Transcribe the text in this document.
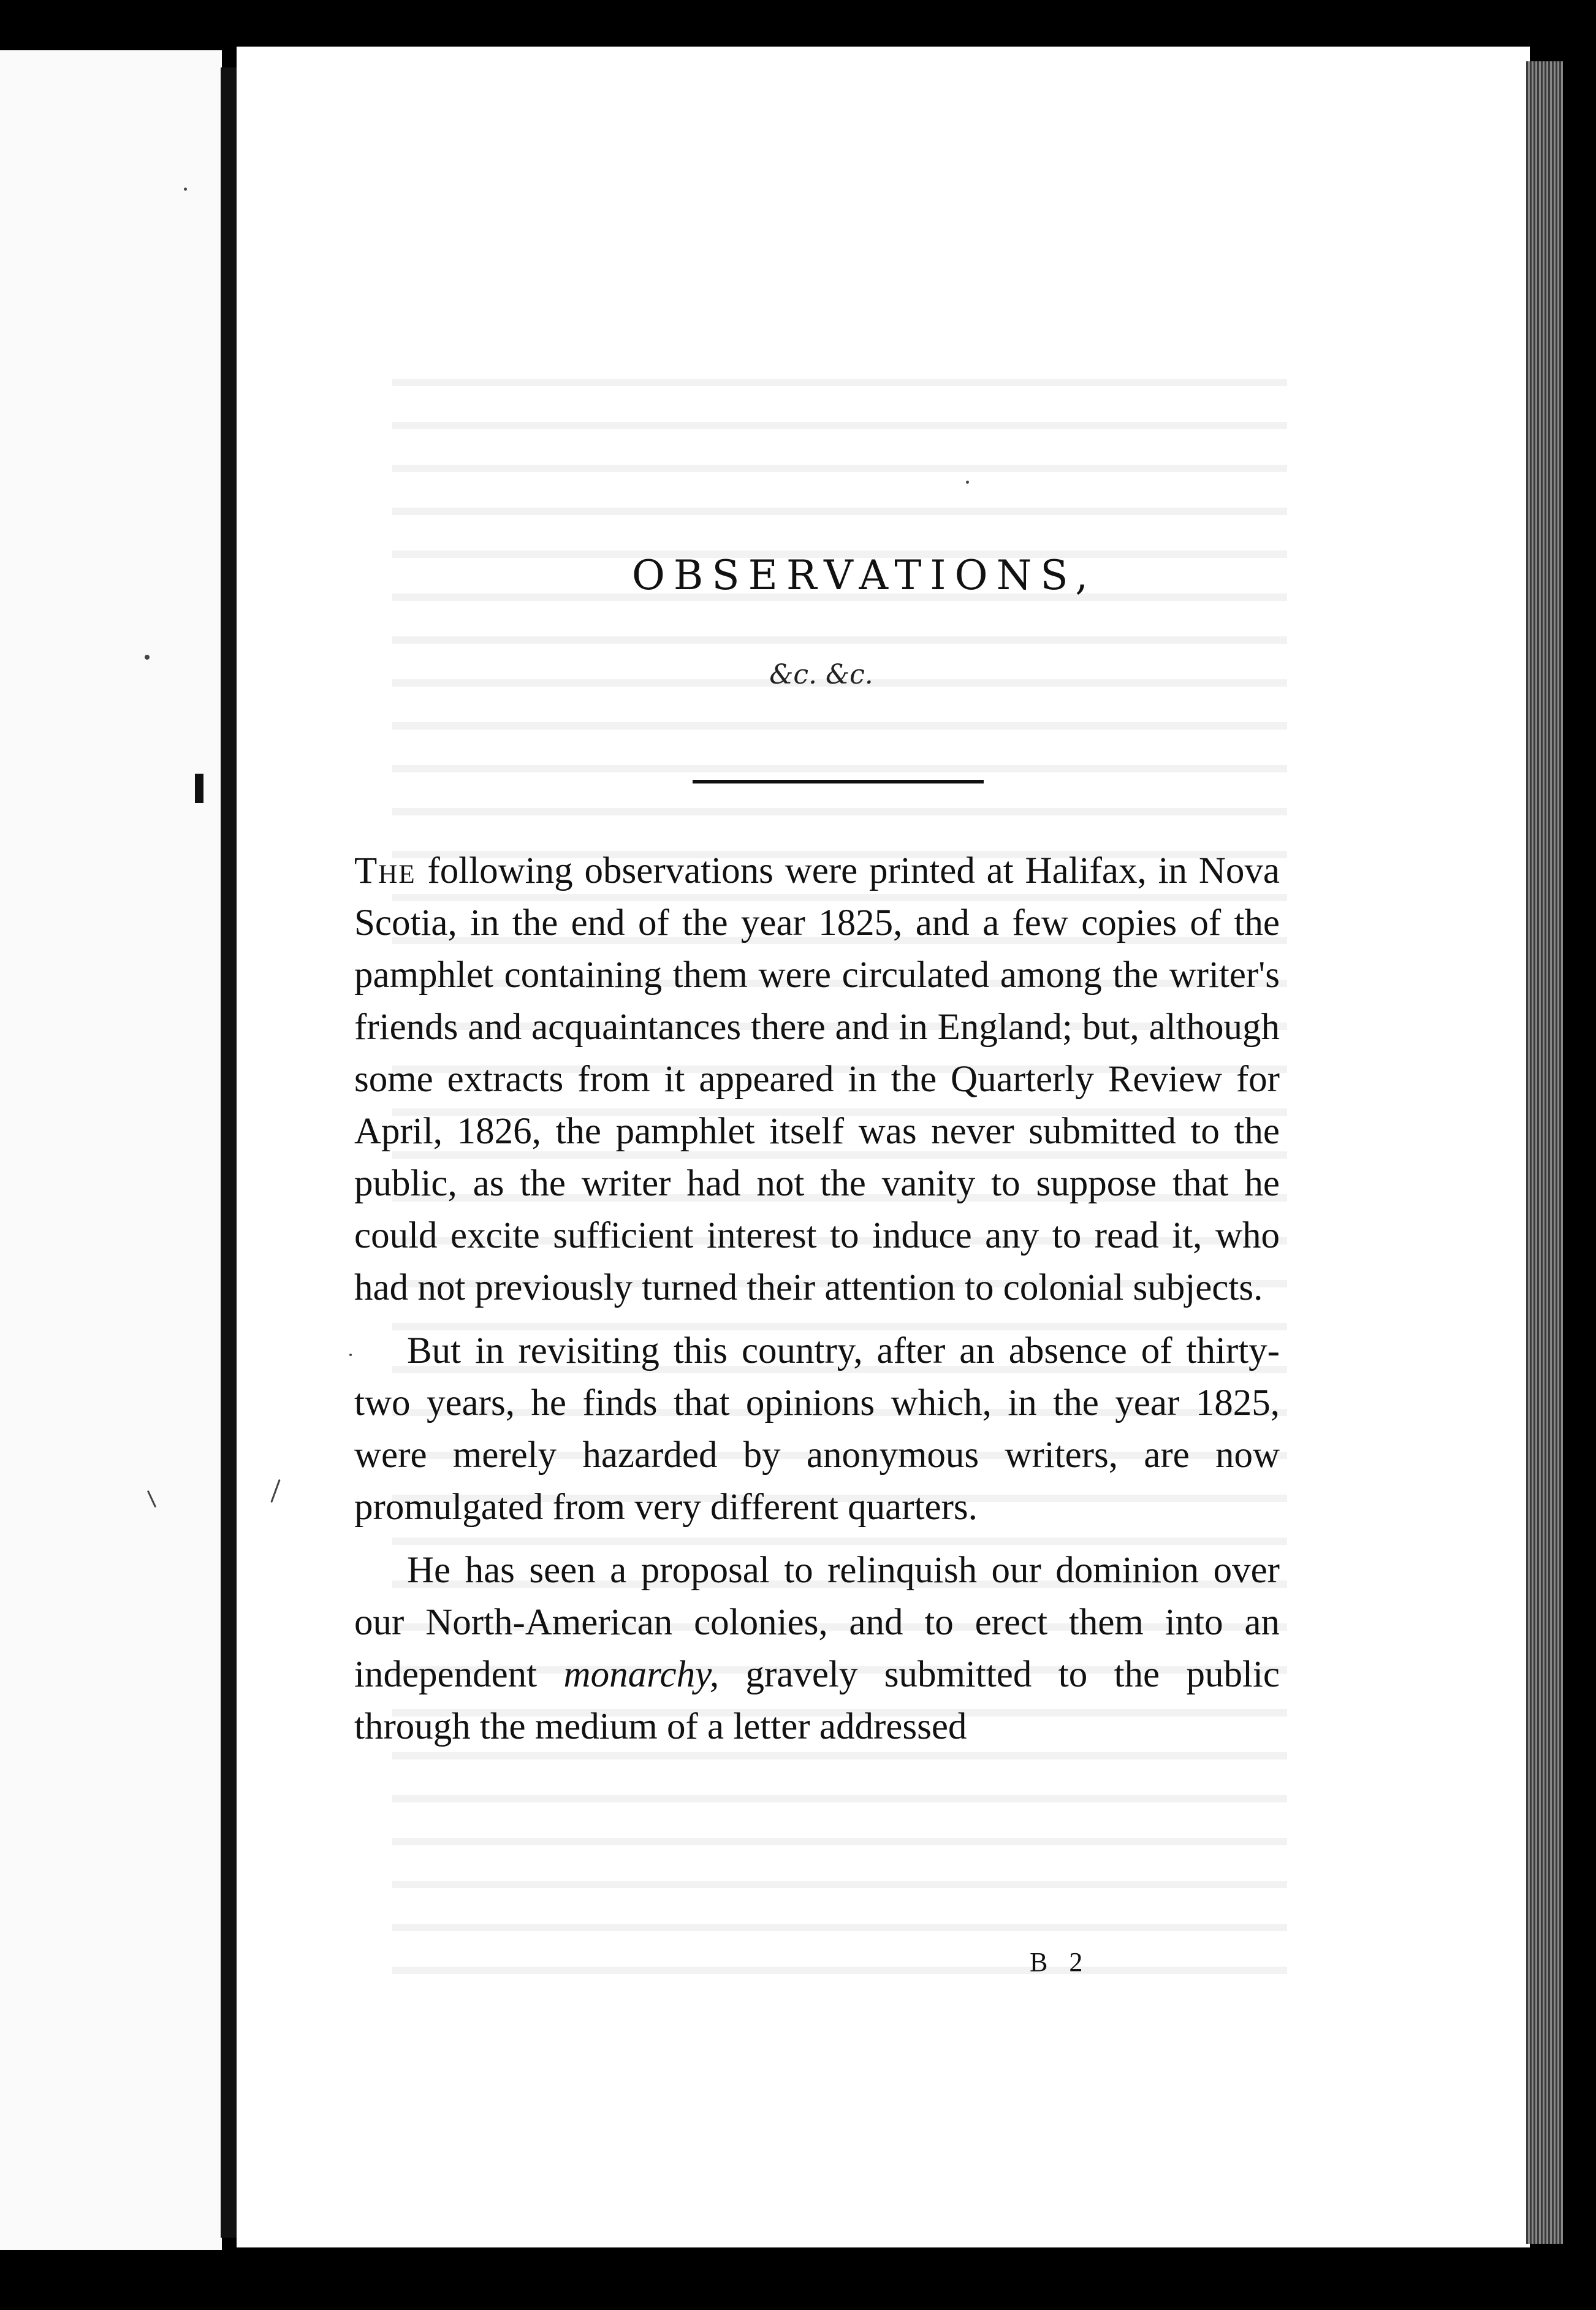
OBSERVATIONS,
&c. &c.

The following observations were printed at Halifax, in Nova Scotia, in the end of the year 1825, and a few copies of the pamphlet containing them were circulated among the writer's friends and acquaintances there and in England; but, although some extracts from it appeared in the Quarterly Review for April, 1826, the pamphlet itself was never submitted to the public, as the writer had not the vanity to suppose that he could excite sufficient interest to induce any to read it, who had not previously turned their attention to colonial subjects.

But in revisiting this country, after an absence of thirty-two years, he finds that opinions which, in the year 1825, were merely hazarded by anonymous writers, are now promulgated from very different quarters.

He has seen a proposal to relinquish our dominion over our North-American colonies, and to erect them into an independent monarchy, gravely submitted to the public through the medium of a letter addressed

B 2
